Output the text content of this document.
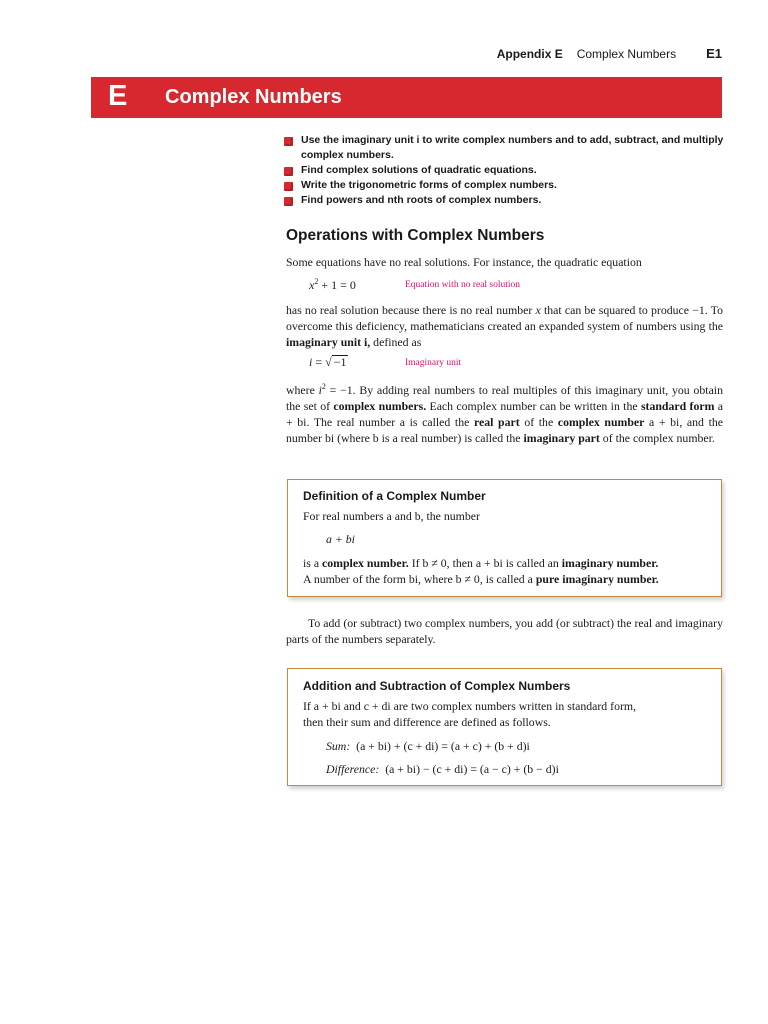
Appendix E Complex Numbers E1
E Complex Numbers
Use the imaginary unit i to write complex numbers and to add, subtract, and multiply complex numbers.
Find complex solutions of quadratic equations.
Write the trigonometric forms of complex numbers.
Find powers and nth roots of complex numbers.
Operations with Complex Numbers

Some equations have no real solutions. For instance, the quadratic equation

$x^2 + 1 = 0$	Equation with no real solution

has no real solution because there is no real number x that can be squared to produce −1. To overcome this deficiency, mathematicians created an expanded system of numbers using the imaginary unit i, defined as

i = √ −1	Imaginary unit

where $i^2 = -1$. By adding real numbers to real multiples of this imaginary unit, you obtain the set of complex numbers. Each complex number can be written in the standard form a + bi. The real number a is called the real part of the complex number a + bi, and the number bi (where b is a real number) is called the imaginary part of the complex number.

Definition of a Complex Number

For real numbers a and b, the number

a + bi

is a complex number. If b ≠ 0, then a + bi is called an imaginary number.

A number of the form bi, where b ≠ 0, is called a pure imaginary number.

To add (or subtract) two complex numbers, you add (or subtract) the real and imaginary parts of the numbers separately.

Addition and Subtraction of Complex Numbers

If a + bi and c + di are two complex numbers written in standard form,

then their sum and difference are defined as follows.

Sum: (a + bi) + (c + di) = (a + c) + (b + d)i

Difference: (a + bi) − (c + di) = (a − c) + (b − d)i
